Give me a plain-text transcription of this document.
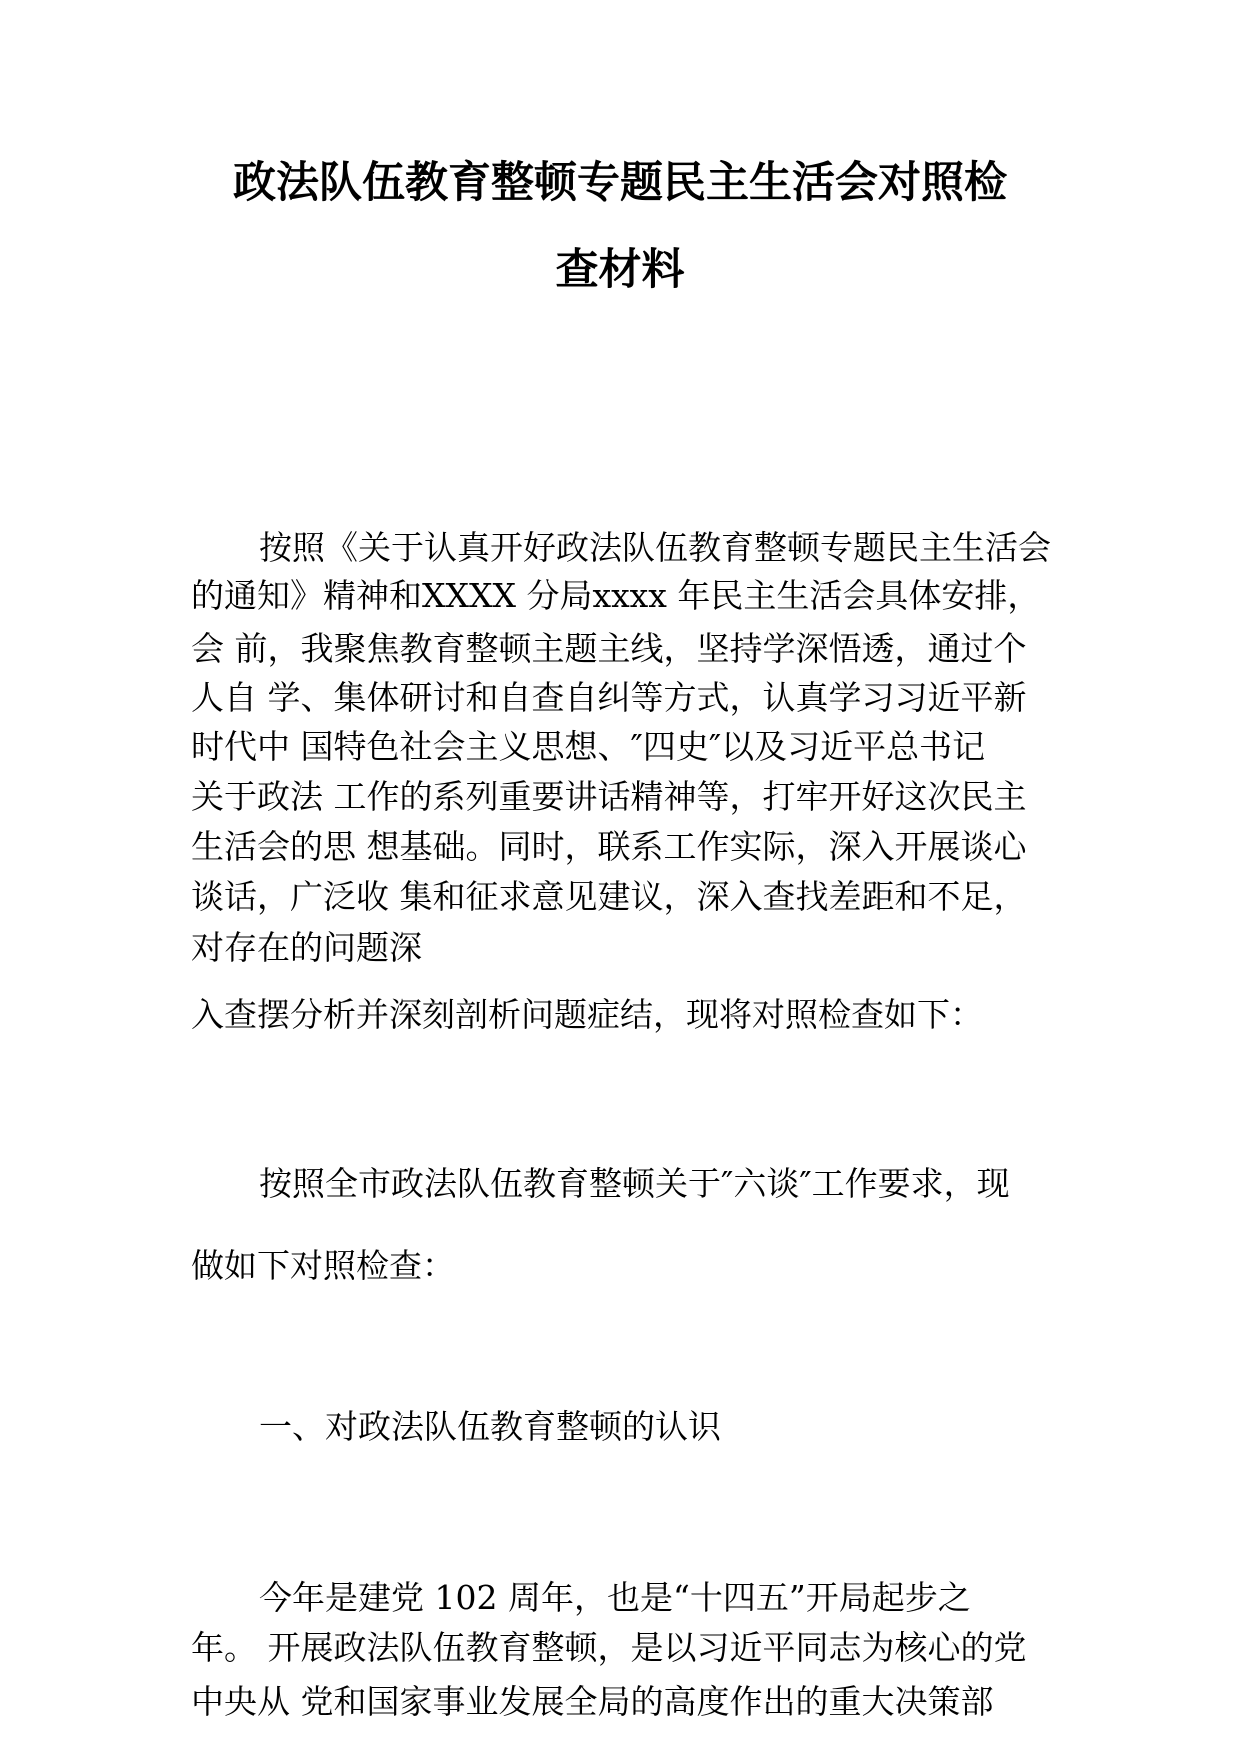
政法队伍教育整顿专题民主生活会对照检
查材料
按照《关于认真开好政法队伍教育整顿专题民主生活会
的通知》精神和XXXX 分局xxxx 年民主生活会具体安排，
会 前，我聚焦教育整顿主题主线，坚持学深悟透，通过个
人自 学、集体研讨和自查自纠等方式，认真学习习近平新
时代中 国特色社会主义思想、″四史″以及习近平总书记
关于政法 工作的系列重要讲话精神等，打牢开好这次民主
生活会的思 想基础。同时，联系工作实际，深入开展谈心
谈话，广泛收 集和征求意见建议，深入查找差距和不足，
对存在的问题深
入查摆分析并深刻剖析问题症结，现将对照检查如下：
按照全市政法队伍教育整顿关于″六谈″工作要求，现
做如下对照检查：
一、对政法队伍教育整顿的认识
今年是建党 102 周年，也是“十四五”开局起步之
年。 开展政法队伍教育整顿，是以习近平同志为核心的党
中央从 党和国家事业发展全局的高度作出的重大决策部
